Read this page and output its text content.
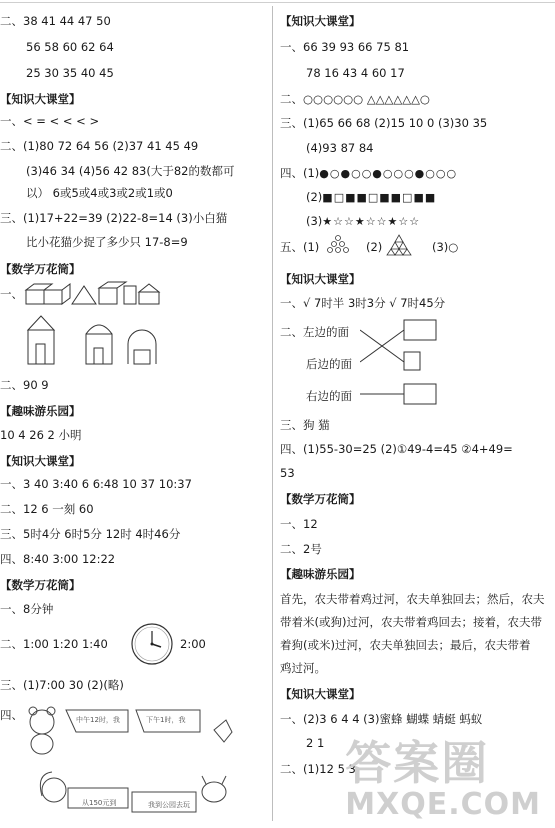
二、38 41 44 47 50
56 58 60 62 64
25 30 35 40 45
【知识大课堂】
一、< = < < < >
二、(1)80 72 64 56 (2)37 41 45 49
(3)46 34 (4)56 42 83(大于82的数都可
以） 6或5或4或3或2或1或0
三、(1)17+22=39 (2)22-8=14 (3)小白猫
比小花猫少捉了多少只 17-8=9
【数学万花筒】
一、
二、90 9
【趣味游乐园】
10 4 26 2 小明
【知识大课堂】
一、3 40 3:40 6 6:48 10 37 10:37
二、12 6 一刻 60
三、5时4分 6时5分 12时 4时46分
四、8:40 3:00 12:22
【数学万花筒】
一、8分钟
二、1:00 1:20 1:40	2:00
三、(1)7:00 30 (2)(略)
四、	中午12时，我	下午1时，我
从150元到	我到公园去玩
【知识大课堂】
一、66 39 93 66 75 81
78 16 43 4 60 17
二、○○○○○○ △△△△△△○
三、(1)65 66 68 (2)15 10 0 (3)30 35
(4)93 87 84
四、(1)●○●○○●○○○●○○○
(2)■□■■□■■□■■
(3)★☆☆★☆☆★☆☆
五、(1)	(2)	(3)○
【知识大课堂】
一、√ 7时半 3时3分 √ 7时45分
二、左边的面
后边的面
右边的面
三、狗 猫
四、(1)55-30=25 (2)①49-4=45 ②4+49=
53
【数学万花筒】
一、12
二、2号
【趣味游乐园】
首先，农夫带着鸡过河，农夫单独回去；然后，农夫
带着米(或狗)过河，农夫带着鸡回去；接着，农夫带
着狗(或米)过河，农夫单独回去；最后，农夫带着
鸡过河。
【知识大课堂】
一、(2)3 6 4 4 (3)蜜蜂 蝴蝶 蜻蜓 蚂蚁
2 1
二、(1)12 5 3
答案圈
MXQE.COM
